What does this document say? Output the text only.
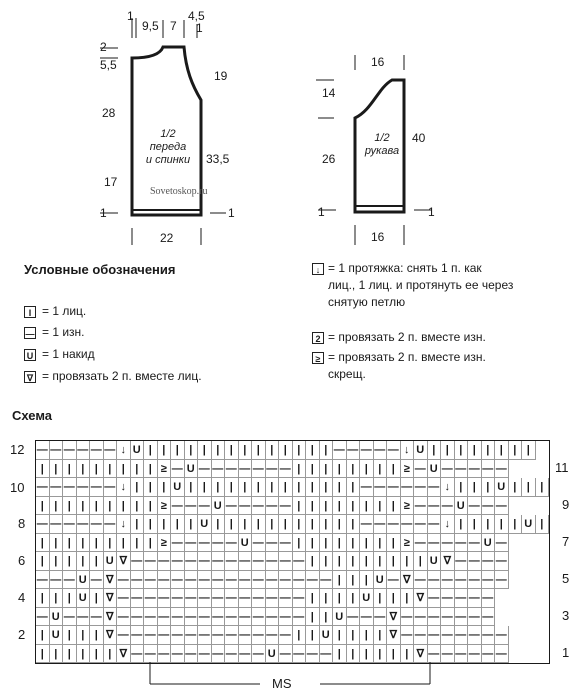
1
9,5 7
4,5
1
2
5,5
28
17
1
19
33,5
1
22
1/2
переда
и спинки
Sovetoskop.ru
16
14
26
1
40
1
16
1/2
рукава
Условные обозначения
I = 1 лиц.
— = 1 изн.
U = 1 накид
∇ = провязать 2 п. вместе лиц.
↓ = 1 протяжка: снять 1 п. как
лиц., 1 лиц. и протянуть ее через
снятую петлю
2 = провязать 2 п. вместе изн.
≥ = провязать 2 п. вместе изн.
скрещ.
Схема
— — — — — — ↓ U | | | | | | | | | | | | | | — — — — — ↓ U | | | | | | | |
| | | | | | | | | ≥ — U — — — — — — — | | | | | | | | ≥ — U — — — — —
— — — — — — ↓ | | | U | | | | | | | | | | | | | — — — — — — ↓ | | | U | | |
| | | | | | | | | ≥ — — — U — — — — — | | | | | | | | ≥ — — — U — — —
— — — — — — ↓ | | | | | U | | | | | | | | | | | — — — — — — ↓ | | | | | U |
| | | | | | | | | ≥ — — — — — U — — — | | | | | | | | ≥ — — — — — U —
| | | | | U ∇ — — — — — — — — — — — — — | | | | | | | | | U ∇ — — — —
— — — U — ∇ — — — — — — — — — — — — — — — — | | | U — ∇ — — — — — — —
| | | U | ∇ — — — — — — — — — — — — — — | | | | U | | | ∇ — — — — —
— U — — — ∇ — — — — — — — — — — — — — — | | U — — — ∇ — — — — — — —
| U | | | ∇ — — — — — — — — — — — — — | | U | | | | ∇ — — — — — — — —
| | | | | | ∇ — — — — — — — — — — U — — — — | | | | | | ∇ — — — — — —
12
10
8
6
4
2
11
9
7
5
3
1
MS
